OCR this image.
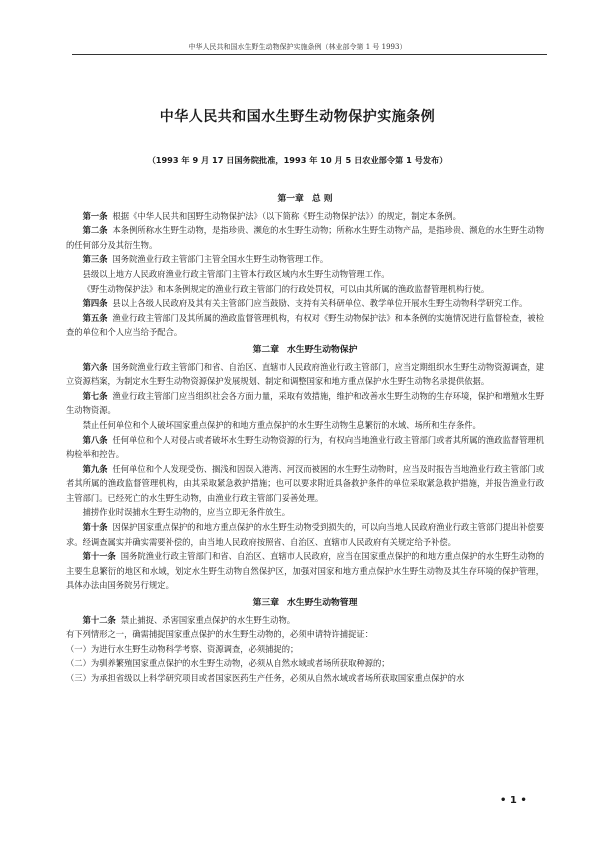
中华人民共和国水生野生动物保护实施条例（林业部令第 1 号 1993）
中华人民共和国水生野生动物保护实施条例
（1993 年 9 月 17 日国务院批准，1993 年 10 月 5 日农业部令第 1 号发布）
第一章 总 则

第一条 根据《中华人民共和国野生动物保护法》（以下简称《野生动物保护法》）的规定，制定本条例。

第二条 本条例所称水生野生动物，是指珍贵、濒危的水生野生动物；所称水生野生动物产品，是指珍贵、濒危的水生野生动物的任何部分及其衍生物。

第三条 国务院渔业行政主管部门主管全国水生野生动物管理工作。

县级以上地方人民政府渔业行政主管部门主管本行政区域内水生野生动物管理工作。

《野生动物保护法》和本条例规定的渔业行政主管部门的行政处罚权，可以由其所属的渔政监督管理机构行使。

第四条 县以上各级人民政府及其有关主管部门应当鼓励、支持有关科研单位、教学单位开展水生野生动物科学研究工作。

第五条 渔业行政主管部门及其所属的渔政监督管理机构，有权对《野生动物保护法》和本条例的实施情况进行监督检查，被检查的单位和个人应当给予配合。

第二章 水生野生动物保护

第六条 国务院渔业行政主管部门和省、自治区、直辖市人民政府渔业行政主管部门，应当定期组织水生野生动物资源调查，建立资源档案，为制定水生野生动物资源保护发展规划、制定和调整国家和地方重点保护水生野生动物名录提供依据。

第七条 渔业行政主管部门应当组织社会各方面力量，采取有效措施，维护和改善水生野生动物的生存环境，保护和增殖水生野生动物资源。

禁止任何单位和个人破坏国家重点保护的和地方重点保护的水生野生动物生息繁衍的水域、场所和生存条件。

第八条 任何单位和个人对侵占或者破坏水生野生动物资源的行为，有权向当地渔业行政主管部门或者其所属的渔政监督管理机构检举和控告。

第九条 任何单位和个人发现受伤、搁浅和因误入港湾、河汊而被困的水生野生动物时，应当及时报告当地渔业行政主管部门或者其所属的渔政监督管理机构，由其采取紧急救护措施；也可以要求附近具备救护条件的单位采取紧急救护措施，并报告渔业行政主管部门。已经死亡的水生野生动物，由渔业行政主管部门妥善处理。

捕捞作业时误捕水生野生动物的，应当立即无条件放生。

第十条 因保护国家重点保护的和地方重点保护的水生野生动物受到损失的，可以向当地人民政府渔业行政主管部门提出补偿要求。经调查属实并确实需要补偿的，由当地人民政府按照省、自治区、直辖市人民政府有关规定给予补偿。

第十一条 国务院渔业行政主管部门和省、自治区、直辖市人民政府，应当在国家重点保护的和地方重点保护的水生野生动物的主要生息繁衍的地区和水域，划定水生野生动物自然保护区，加强对国家和地方重点保护水生野生动物及其生存环境的保护管理，具体办法由国务院另行规定。

第三章 水生野生动物管理

第十二条 禁止捕捉、杀害国家重点保护的水生野生动物。

有下列情形之一，确需捕捉国家重点保护的水生野生动物的，必须申请特许捕捉证：

（一）为进行水生野生动物科学考察、资源调查，必须捕捉的；

（二）为驯养繁殖国家重点保护的水生野生动物，必须从自然水域或者场所获取种源的；

（三）为承担省级以上科学研究项目或者国家医药生产任务，必须从自然水域或者场所获取国家重点保护的水

• 1 •
